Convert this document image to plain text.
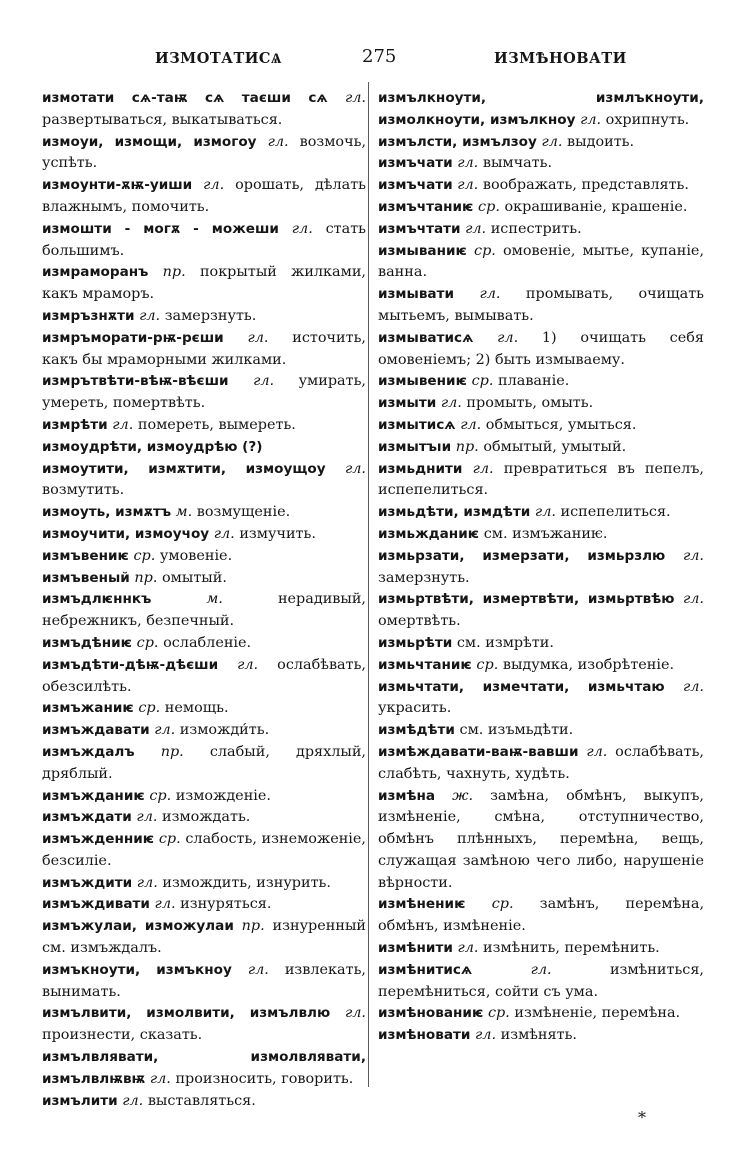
ИЗМОТАТИСѦ	275	ИЗМѢНОВАТИ

измотати сѧ-таѭ сѧ таєши сѧ гл. развертываться, выкатываться.

измоуи, измощи, измогоу гл. возмочь, успѣть.

измоунти-ѫѭ-уиши гл. орошать, дѣлать влажнымъ, помочить.

измошти - могѫ - можеши гл. стать большимъ.

измраморанъ пр. покрытый жилками, какъ мраморъ.

измръзнѫти гл. замерзнуть.

измръморати-рѭ-рєши гл. источить, какъ бы мраморными жилками.

измрътвѣти-вѣѭ-вѣєши гл. умирать, умереть, помертвѣть.

измрѣти гл. помереть, вымереть.

измоудрѣти, измоудрѣю (?)

измоутити, измѫтити, измоущоу гл. возмутить.

измоуть, измѫтъ м. возмущеніе.

измоучити, измоучоу гл. измучить.

измъвениѥ ср. умовеніе.

измъвеный пр. омытый.

измъдлѥннкъ	м.	нерадивый, небрежникъ, безпечный.

измъдѣниѥ ср. ослабленіе.

измъдѣти-дѣѭ-дѣєши гл. ослабѣвать, обезсилѣть.

измъжаниѥ ср. немощь.

измъждавати гл. изможди́ть.

измъждалъ пр. слабый, дряхлый, дряблый.

измъжданиѥ ср. изможденіе.

измъждати гл. измождать.

измъжденниѥ ср. слабость, изнеможеніе, безсиліе.

измъждити гл. измождить, изнурить.

измъждивати гл. изнуряться.

измъжулаи, изможулаи пр. изнуренный см. измъждалъ.

измъкноути, измъкноу гл. извлекать, вынимать.

измълвити, измолвити, измълвлю гл. произнести, сказать.

измълвлявати, измолвлявати, измълвлѭвѭ гл. произносить, говорить.

измълити гл. выставляться.

измълкноути, измлъкноути, измолкноути, измълкноу гл. охрипнуть.

измълсти, измълзоу гл. выдоить.

измъчати гл. вымчать.

измъчати гл. воображать, представлять.

измъчтаниѥ ср. окрашиваніе, крашеніе.

измъчтати гл. испестрить.

измываниѥ ср. омовеніе, мытье, купаніе, ванна.

измывати гл. промывать, очищать мытьемъ, вымывать.

измыватисѧ гл. 1) очищать себя омовеніемъ; 2) быть измываему.

измывениѥ ср. плаваніе.

измыти гл. промыть, омыть.

измытисѧ гл. обмыться, умыться.

измытъıи пр. обмытый, умытый.

измьднити гл. превратиться въ пепелъ, испепелиться.

измьдѣти, измдѣти гл. испепелиться.

измьжданиѥ см. измъжаниѥ.

измьрзати, измерзати, измьрзлю гл. замерзнуть.

измьртвѣти, измертвѣти, измьртвѣю гл. омертвѣть.

измьрѣти см. измрѣти.

измьчтаниѥ ср. выдумка, изобрѣтеніе.

измьчтати, измечтати, измьчтаю гл. украсить.

измѣдѣти см. изъмьдѣти.

измѣждавати-ваѭ-вавши гл. ослабѣвать, слабѣть, чахнуть, худѣть.

измѣна ж. замѣна, обмѣнъ, выкупъ, измѣненіе, смѣна, отступничество, обмѣнъ плѣнныхъ, перемѣна, вещь, служащая замѣною чего либо, нарушеніе вѣрности.

измѣнениѥ ср. замѣнъ, перемѣна, обмѣнъ, измѣненіе.

измѣнити гл. измѣнить, перемѣнить.

измѣнитисѧ	гл.	измѣниться, перемѣниться, сойти съ ума.

измѣнованиѥ ср. измѣненіе, перемѣна.

измѣновати гл. измѣнять.

*
